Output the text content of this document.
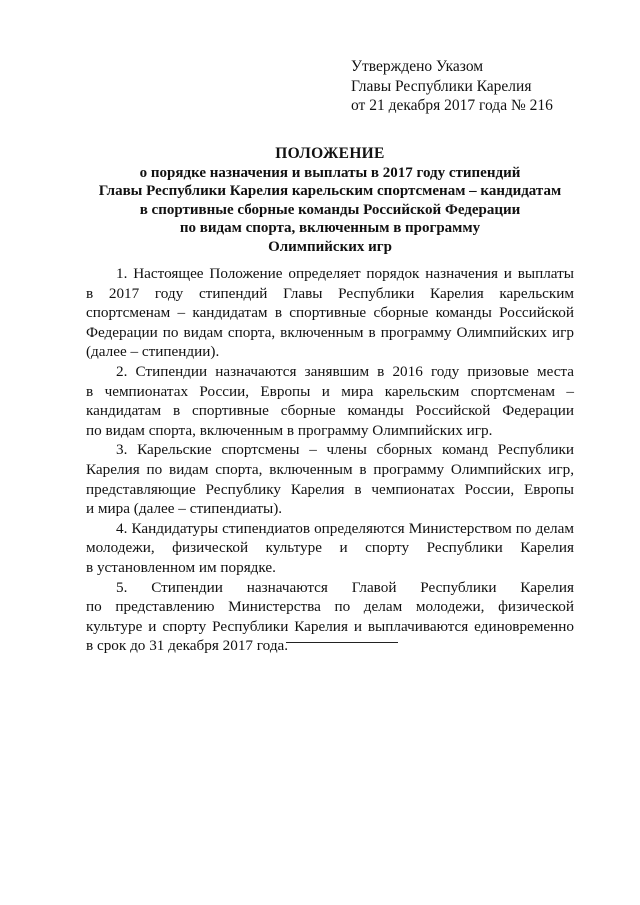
Утверждено Указом
Главы Республики Карелия
от 21 декабря 2017 года № 216
ПОЛОЖЕНИЕ
о порядке назначения и выплаты в 2017 году стипендий
Главы Республики Карелия карельским спортсменам – кандидатам
в спортивные сборные команды Российской Федерации
по видам спорта, включенным в программу
Олимпийских игр
1. Настоящее Положение определяет порядок назначения и выплаты
в 2017 году стипендий Главы Республики Карелия карельским
спортсменам – кандидатам в спортивные сборные команды Российской
Федерации по видам спорта, включенным в программу Олимпийских игр
(далее – стипендии).
2. Стипендии назначаются занявшим в 2016 году призовые места
в чемпионатах России, Европы и мира карельским спортсменам –
кандидатам в спортивные сборные команды Российской Федерации
по видам спорта, включенным в программу Олимпийских игр.
3. Карельские спортсмены – члены сборных команд Республики
Карелия по видам спорта, включенным в программу Олимпийских игр,
представляющие Республику Карелия в чемпионатах России, Европы
и мира (далее – стипендиаты).
4. Кандидатуры стипендиатов определяются Министерством по делам
молодежи, физической культуре и спорту Республики Карелия
в установленном им порядке.
5. Стипендии назначаются Главой Республики Карелия
по представлению Министерства по делам молодежи, физической
культуре и спорту Республики Карелия и выплачиваются единовременно
в срок до 31 декабря 2017 года.
